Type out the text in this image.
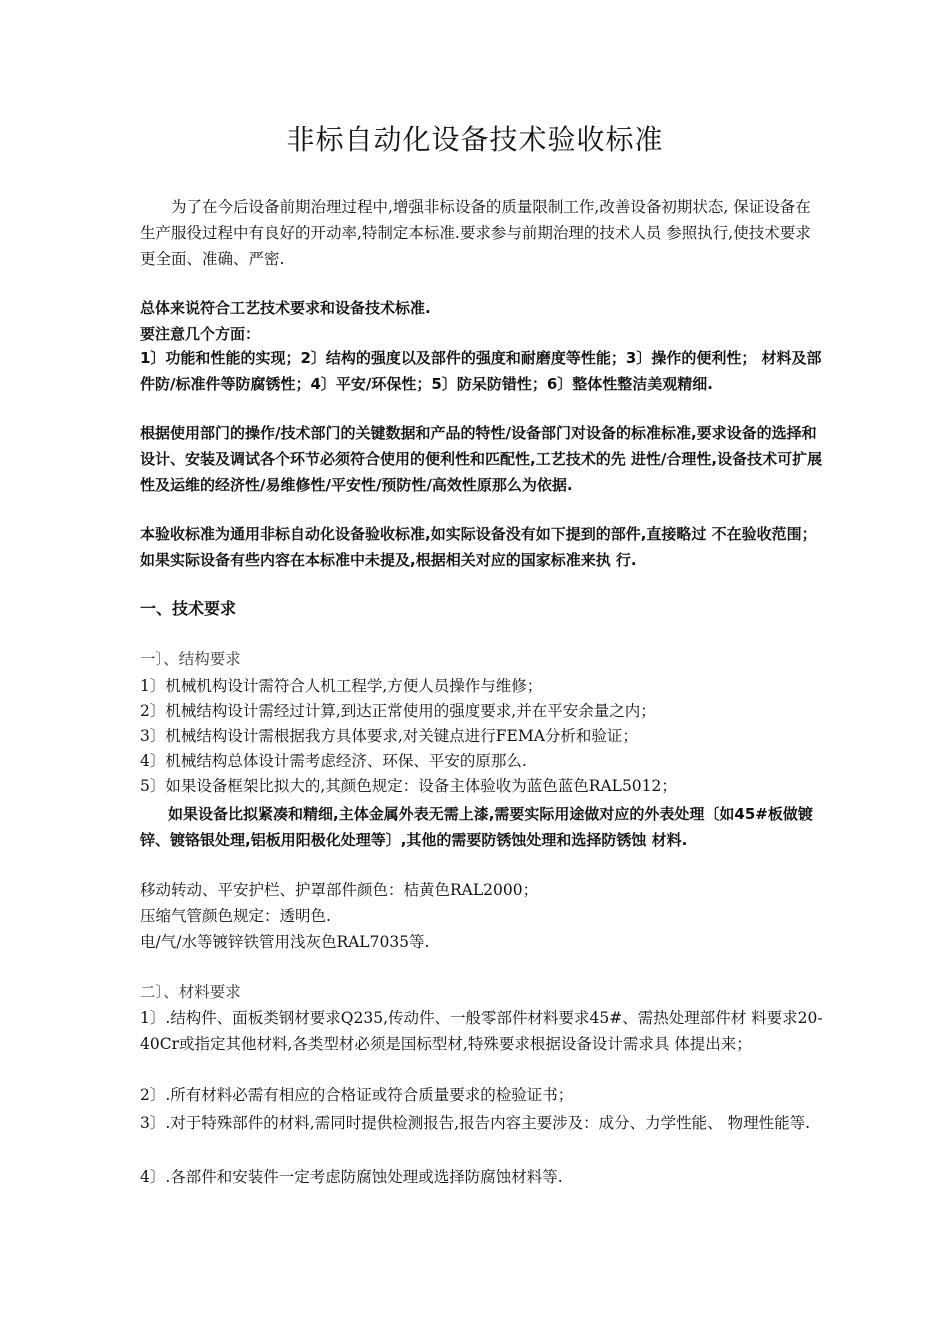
非标自动化设备技术验收标准

为了在今后设备前期治理过程中,增强非标设备的质量限制工作,改善设备初期状态, 保证设备在生产服役过程中有良好的开动率,特制定本标准.要求参与前期治理的技术人员 参照执行,使技术要求更全面、准确、严密.

总体来说符合工艺技术要求和设备技术标准.

要注意几个方面：

1〕功能和性能的实现；2〕结构的强度以及部件的强度和耐磨度等性能；3〕操作的便利性； 材料及部件防/标准件等防腐锈性；4〕平安/环保性；5〕防呆防错性；6〕整体性整洁美观精细.

根据使用部门的操作/技术部门的关键数据和产品的特性/设备部门对设备的标准标准,要求设备的选择和设计、安装及调试各个环节必须符合使用的便利性和匹配性,工艺技术的先 进性/合理性,设备技术可扩展性及运维的经济性/易维修性/平安性/预防性/高效性原那么为依据.

本验收标准为通用非标自动化设备验收标准,如实际设备没有如下提到的部件,直接略过 不在验收范围；如果实际设备有些内容在本标准中未提及,根据相关对应的国家标准来执 行.

一、技术要求

一〕、结构要求

1〕机械机构设计需符合人机工程学,方便人员操作与维修；

2〕机械结构设计需经过计算,到达正常使用的强度要求,并在平安余量之内；

3〕机械结构设计需根据我方具体要求,对关键点进行FEMA分析和验证；

4〕机械结构总体设计需考虑经济、环保、平安的原那么.

5〕如果设备框架比拟大的,其颜色规定：设备主体验收为蓝色蓝色RAL5012；

如果设备比拟紧凑和精细,主体金属外表无需上漆,需要实际用途做对应的外表处理〔如45#板做镀锌、镀铬银处理,铝板用阳极化处理等〕,其他的需要防锈蚀处理和选择防锈蚀 材料.

移动转动、平安护栏、护罩部件颜色：桔黄色RAL2000；

压缩气管颜色规定：透明色.

电/气/水等镀锌铁管用浅灰色RAL7035等.

二〕、材料要求

1〕.结构件、面板类钢材要求Q235,传动件、一般零部件材料要求45#、需热处理部件材 料要求20-40Cr或指定其他材料,各类型材必须是国标型材,特殊要求根据设备设计需求具 体提出来；

2〕.所有材料必需有相应的合格证或符合质量要求的检验证书；

3〕.对于特殊部件的材料,需同时提供检测报告,报告内容主要涉及：成分、力学性能、 物理性能等.

4〕.各部件和安装件一定考虑防腐蚀处理或选择防腐蚀材料等.
